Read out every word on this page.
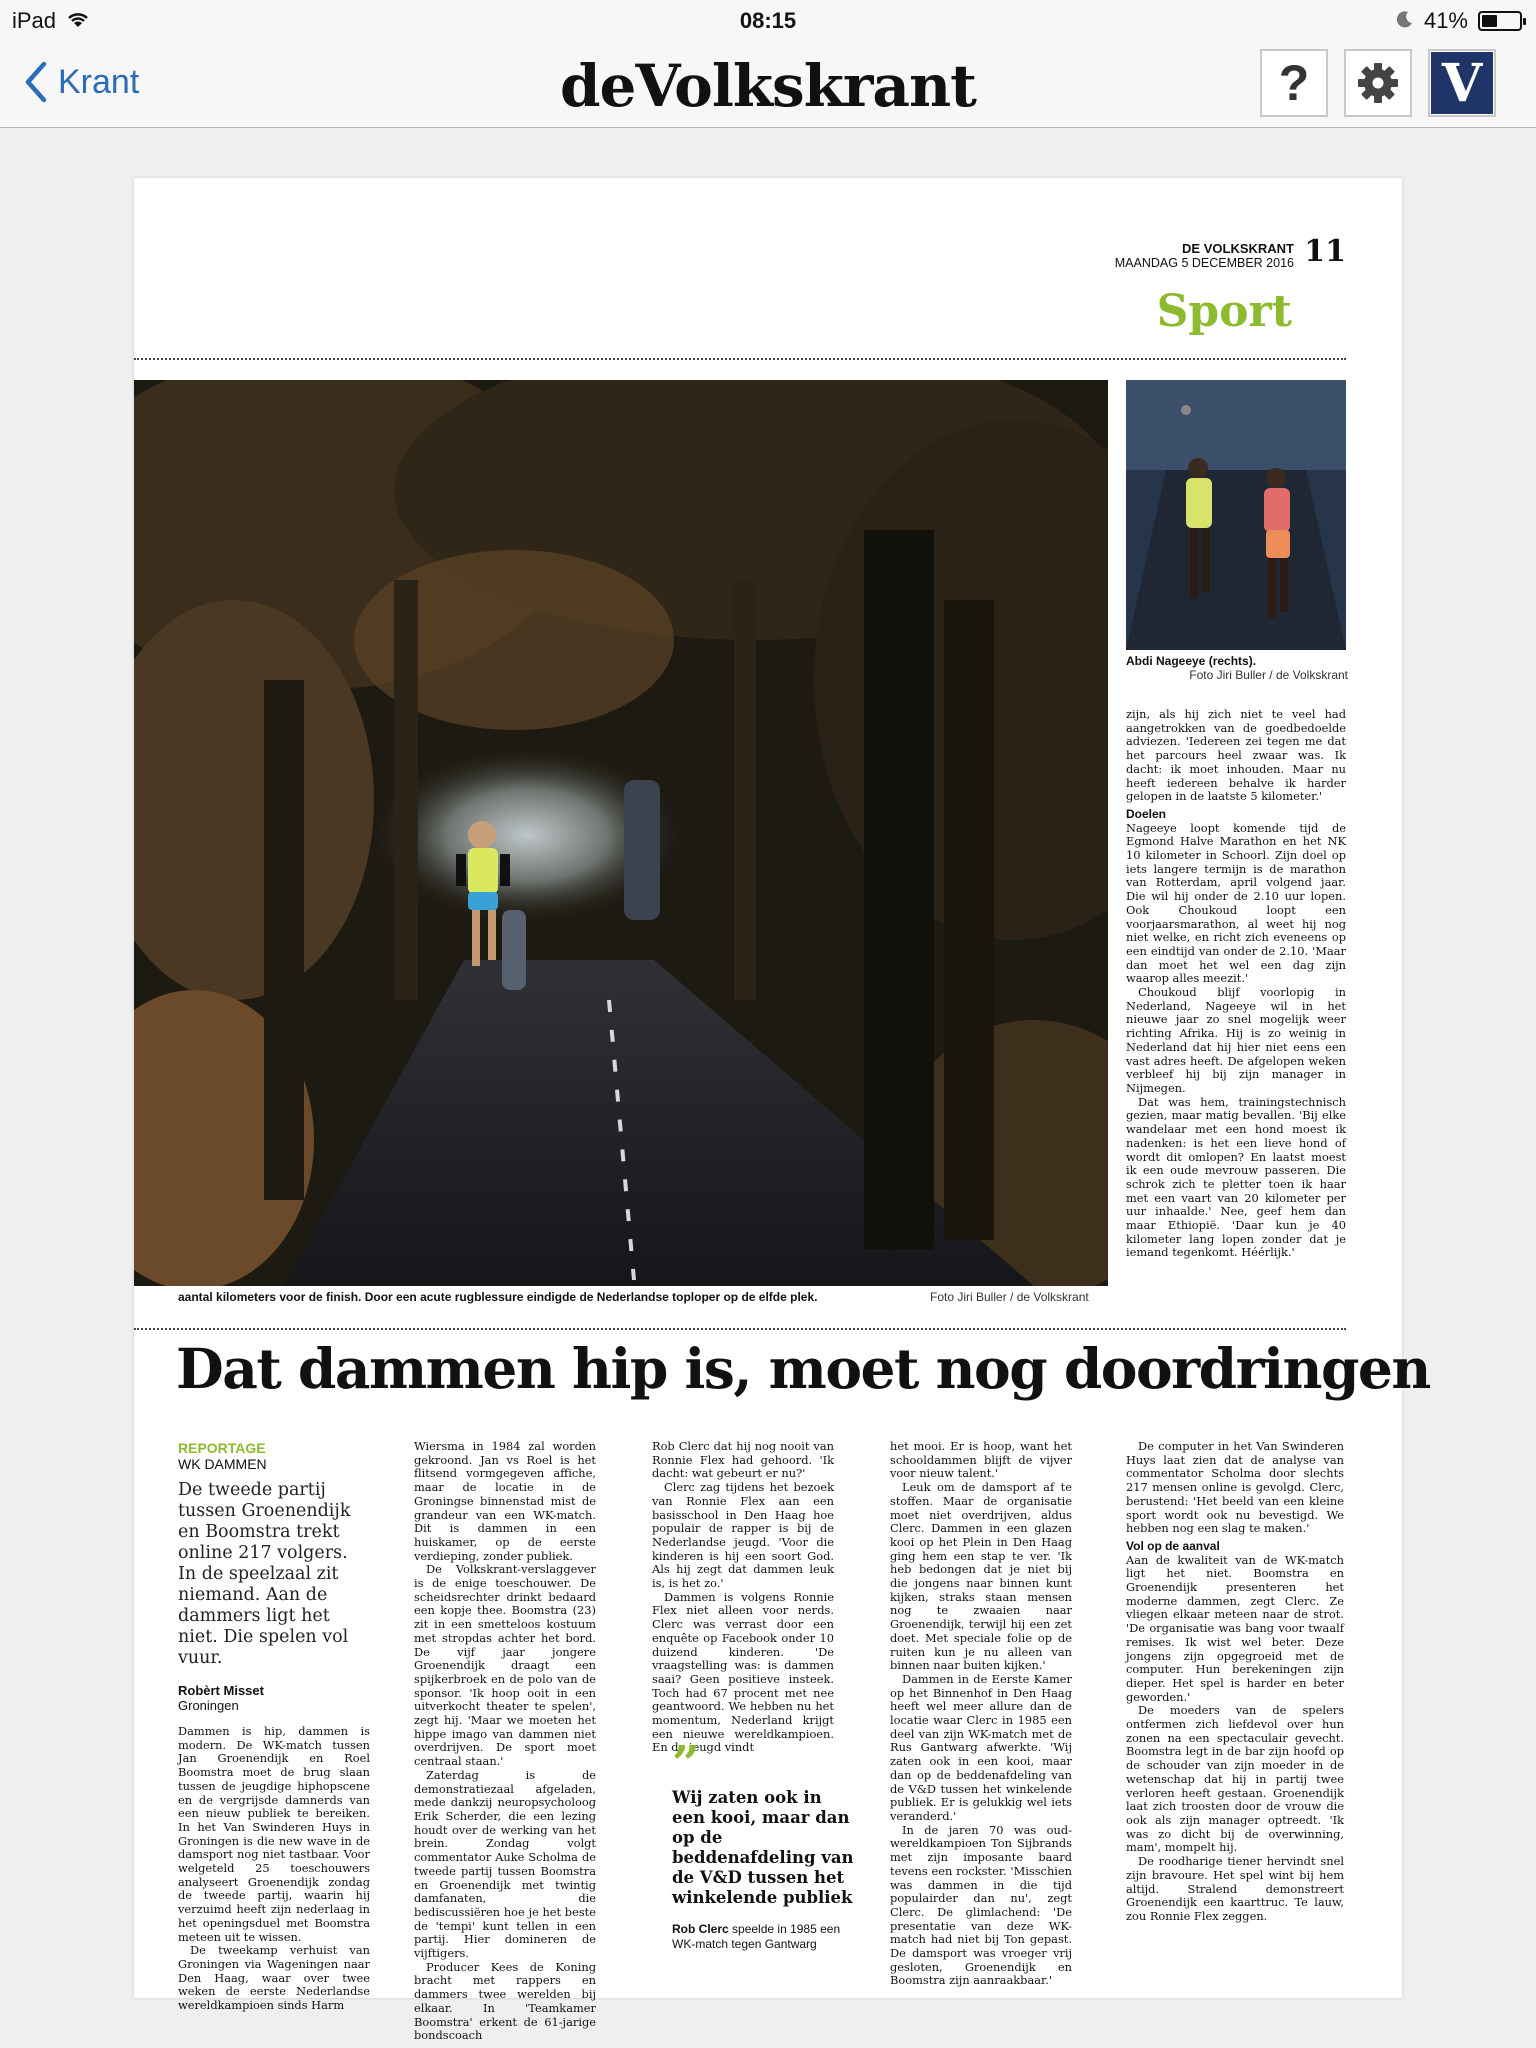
iPad	08:15	41%
Krant	deVolkskrant	?	V
DE VOLKSKRANT
MAANDAG 5 DECEMBER 2016 11
Sport
aantal kilometers voor de finish. Door een acute rugblessure eindigde de Nederlandse toploper op de elfde plek.	Foto Jiri Buller / de Volkskrant
Abdi Nageeye (rechts).
Foto Jiri Buller / de Volkskrant

zijn, als hij zich niet te veel had aangetrokken van de goedbedoelde adviezen. 'Iedereen zei tegen me dat het parcours heel zwaar was. Ik dacht: ik moet inhouden. Maar nu heeft iedereen behalve ik harder gelopen in de laatste 5 kilometer.'

Doelen

Nageeye loopt komende tijd de Egmond Halve Marathon en het NK 10 kilometer in Schoorl. Zijn doel op iets langere termijn is de marathon van Rotterdam, april volgend jaar. Die wil hij onder de 2.10 uur lopen. Ook Choukoud loopt een voorjaarsmarathon, al weet hij nog niet welke, en richt zich eveneens op een eindtijd van onder de 2.10. 'Maar dan moet het wel een dag zijn waarop alles meezit.'

Choukoud blijf voorlopig in Nederland, Nageeye wil in het nieuwe jaar zo snel mogelijk weer richting Afrika. Hij is zo weinig in Nederland dat hij hier niet eens een vast adres heeft. De afgelopen weken verbleef hij bij zijn manager in Nijmegen.

Dat was hem, trainingstechnisch gezien, maar matig bevallen. 'Bij elke wandelaar met een hond moest ik nadenken: is het een lieve hond of wordt dit omlopen? En laatst moest ik een oude mevrouw passeren. Die schrok zich te pletter toen ik haar met een vaart van 20 kilometer per uur inhaalde.' Nee, geef hem dan maar Ethiopië. 'Daar kun je 40 kilometer lang lopen zonder dat je iemand tegenkomt. Héérlijk.'

Dat dammen hip is, moet nog doordringen
REPORTAGE
WK DAMMEN
De tweede partij tussen Groenendijk en Boomstra trekt online 217 volgers. In de speelzaal zit niemand. Aan de dammers ligt het niet. Die spelen vol vuur.
Robèrt Misset
Groningen

Dammen is hip, dammen is modern. De WK-match tussen Jan Groenendijk en Roel Boomstra moet de brug slaan tussen de jeugdige hiphopscene en de vergrijsde damnerds van een nieuw publiek te bereiken. In het Van Swinderen Huys in Groningen is die new wave in de damsport nog niet tastbaar. Voor welgeteld 25 toeschouwers analyseert Groenendijk zondag de tweede partij, waarin hij verzuimd heeft zijn nederlaag in het openingsduel met Boomstra meteen uit te wissen.

De tweekamp verhuist van Groningen via Wageningen naar Den Haag, waar over twee weken de eerste Nederlandse wereldkampioen sinds Harm

Wiersma in 1984 zal worden gekroond. Jan vs Roel is het flitsend vormgegeven affiche, maar de locatie in de Groningse binnenstad mist de grandeur van een WK-match. Dit is dammen in een huiskamer, op de eerste verdieping, zonder publiek.

De Volkskrant-verslaggever is de enige toeschouwer. De scheidsrechter drinkt bedaard een kopje thee. Boomstra (23) zit in een smetteloos kostuum met stropdas achter het bord. De vijf jaar jongere Groenendijk draagt een spijkerbroek en de polo van de sponsor. 'Ik hoop ooit in een uitverkocht theater te spelen', zegt hij. 'Maar we moeten het hippe imago van dammen niet overdrijven. De sport moet centraal staan.'

Zaterdag is de demonstratiezaal afgeladen, mede dankzij neuropsycholoog Erik Scherder, die een lezing houdt over de werking van het brein. Zondag volgt commentator Auke Scholma de tweede partij tussen Boomstra en Groenendijk met twintig damfanaten, die bediscussiëren hoe je het beste de 'tempi' kunt tellen in een partij. Hier domineren de vijftigers.

Producer Kees de Koning bracht met rappers en dammers twee werelden bij elkaar. In 'Teamkamer Boomstra' erkent de 61-jarige bondscoach

Rob Clerc dat hij nog nooit van Ronnie Flex had gehoord. 'Ik dacht: wat gebeurt er nu?'

Clerc zag tijdens het bezoek van Ronnie Flex aan een basisschool in Den Haag hoe populair de rapper is bij de Nederlandse jeugd. 'Voor die kinderen is hij een soort God. Als hij zegt dat dammen leuk is, is het zo.'

Dammen is volgens Ronnie Flex niet alleen voor nerds. Clerc was verrast door een enquête op Facebook onder 10 duizend kinderen. 'De vraagstelling was: is dammen saai? Geen positieve insteek. Toch had 67 procent met nee geantwoord. We hebben nu het momentum, Nederland krijgt een nieuwe wereldkampioen. En de jeugd vindt

”
Wij zaten ook in een kooi, maar dan op de beddenafdeling van de V&D tussen het winkelende publiek
Rob Clerc speelde in 1985 een WK-match tegen Gantwarg

het mooi. Er is hoop, want het schooldammen blijft de vijver voor nieuw talent.'

Leuk om de damsport af te stoffen. Maar de organisatie moet niet overdrijven, aldus Clerc. Dammen in een glazen kooi op het Plein in Den Haag ging hem een stap te ver. 'Ik heb bedongen dat je niet bij die jongens naar binnen kunt kijken, straks staan mensen nog te zwaaien naar Groenendijk, terwijl hij een zet doet. Met speciale folie op de ruiten kun je nu alleen van binnen naar buiten kijken.'

Dammen in de Eerste Kamer op het Binnenhof in Den Haag heeft wel meer allure dan de locatie waar Clerc in 1985 een deel van zijn WK-match met de Rus Gantwarg afwerkte. 'Wij zaten ook in een kooi, maar dan op de beddenafdeling van de V&D tussen het winkelende publiek. Er is gelukkig wel iets veranderd.'

In de jaren 70 was oud-wereldkampioen Ton Sijbrands met zijn imposante baard tevens een rockster. 'Misschien was dammen in die tijd populairder dan nu', zegt Clerc. De glimlachend: 'De presentatie van deze WK-match had niet bij Ton gepast. De damsport was vroeger vrij gesloten, Groenendijk en Boomstra zijn aanraakbaar.'

De computer in het Van Swinderen Huys laat zien dat de analyse van commentator Scholma door slechts 217 mensen online is gevolgd. Clerc, berustend: 'Het beeld van een kleine sport wordt ook nu bevestigd. We hebben nog een slag te maken.'

Vol op de aanval

Aan de kwaliteit van de WK-match ligt het niet. Boomstra en Groenendijk presenteren het moderne dammen, zegt Clerc. Ze vliegen elkaar meteen naar de strot. 'De organisatie was bang voor twaalf remises. Ik wist wel beter. Deze jongens zijn opgegroeid met de computer. Hun berekeningen zijn dieper. Het spel is harder en beter geworden.'

De moeders van de spelers ontfermen zich liefdevol over hun zonen na een spectaculair gevecht. Boomstra legt in de bar zijn hoofd op de schouder van zijn moeder in de wetenschap dat hij in partij twee verloren heeft gestaan. Groenendijk laat zich troosten door de vrouw die ook als zijn manager optreedt. 'Ik was zo dicht bij de overwinning, mam', mompelt hij.

De roodharige tiener hervindt snel zijn bravoure. Het spel wint bij hem altijd. Stralend demonstreert Groenendijk een kaarttruc. Te lauw, zou Ronnie Flex zeggen.
